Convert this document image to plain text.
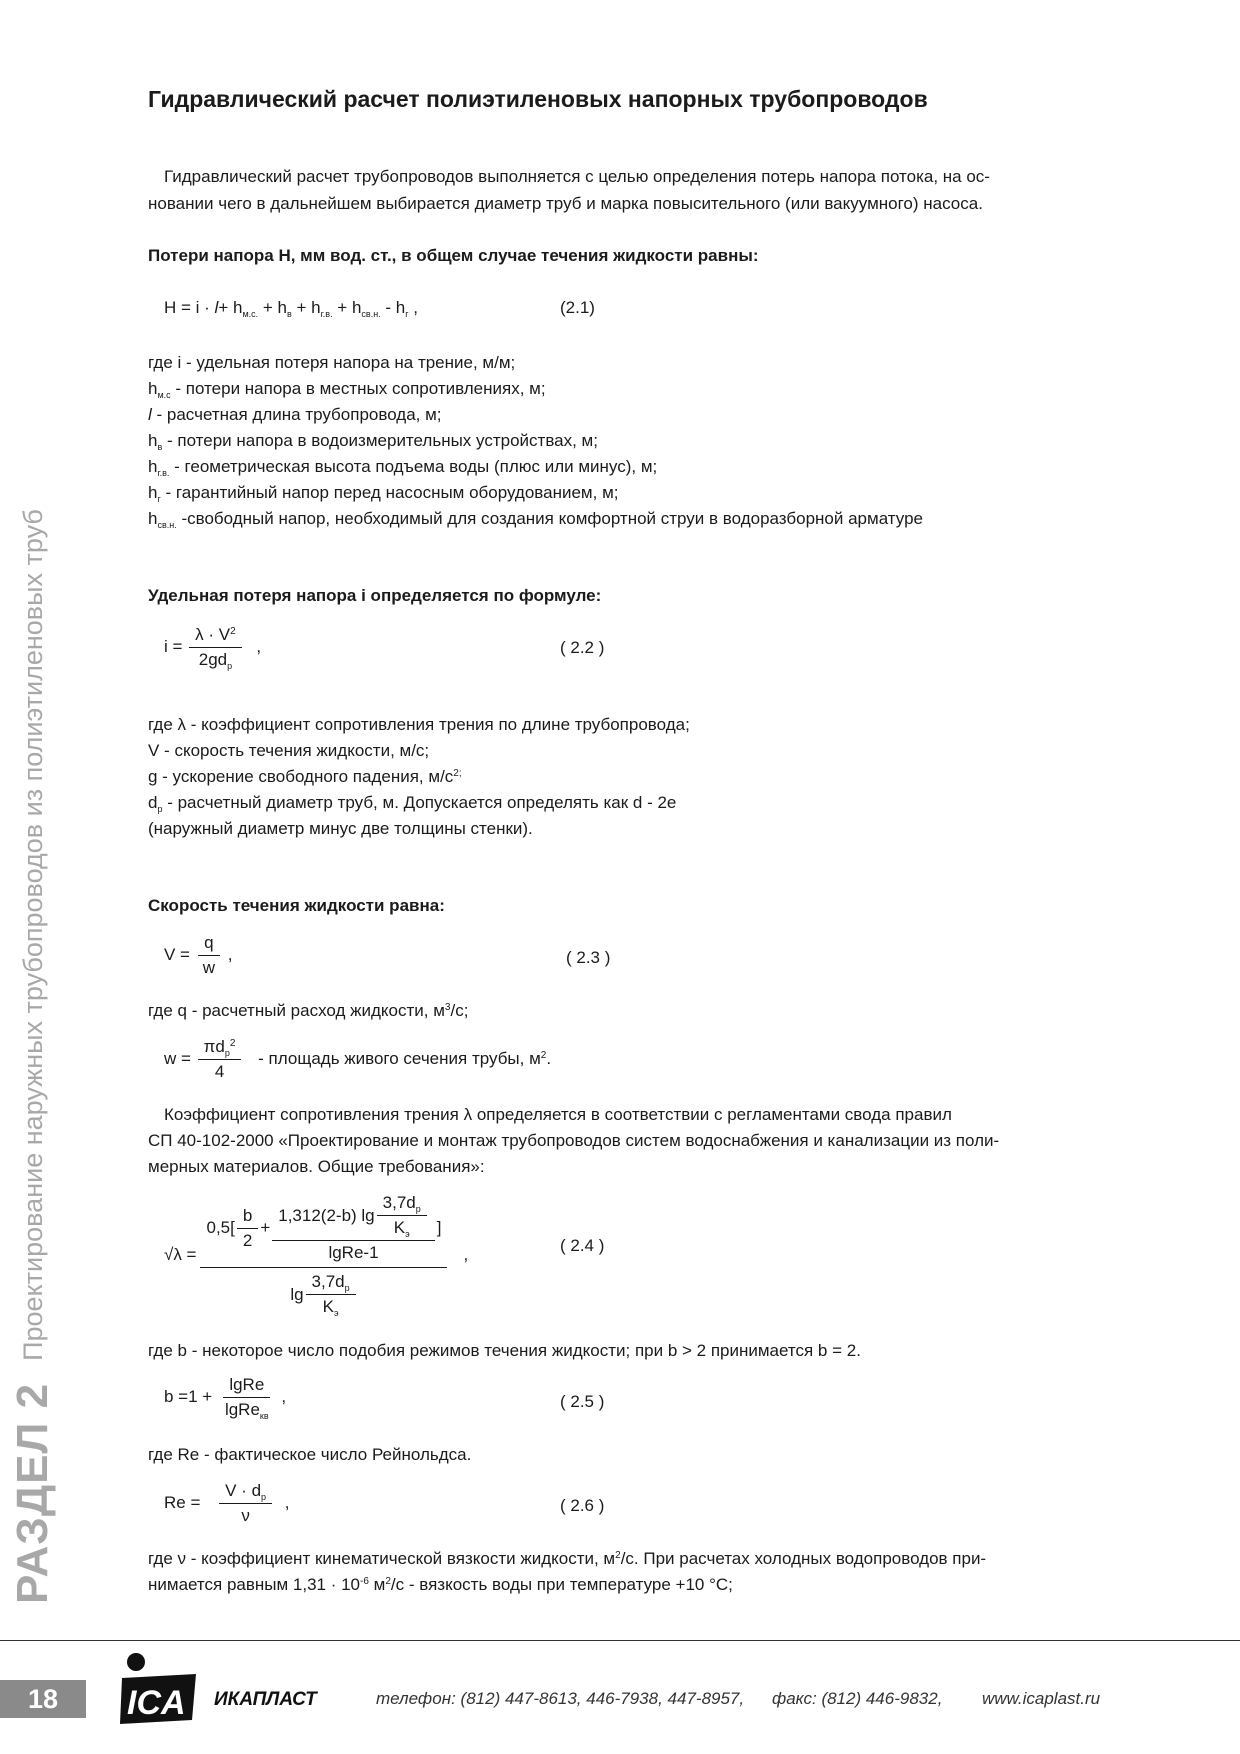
Гидравлический расчет полиэтиленовых напорных трубопроводов
Гидравлический расчет трубопроводов выполняется с целью определения потерь напора потока, на ос-
новании чего в дальнейшем выбирается диаметр труб и марка повысительного (или вакуумного) насоса.
Потери напора H, мм вод. ст., в общем случае течения жидкости равны:
$H = i \cdot l+ h_{м.с.} + h_в + h_{г.в.} + h_{св.н.} - h_г$ ,	(2.1)
где i - удельная потеря напора на трение, м/м;
$h_{м.с}$ - потери напора в местных сопротивлениях, м;
l - расчетная длина трубопровода, м;
$h_в$ - потери напора в водоизмерительных устройствах, м;
$h_{г.в.}$ - геометрическая высота подъема воды (плюс или минус), м;
$h_г$ - гарантийный напор перед насосным оборудованием, м;
$h_{св.н.}$ -свободный напор, необходимый для создания комфортной струи в водоразборной арматуре
Удельная потеря напора i определяется по формуле:
$i = \frac{\lambda \cdot V^2}{2gd_р}$ ,	( 2.2 )
где λ - коэффициент сопротивления трения по длине трубопровода;
V - скорость течения жидкости, м/с;
g - ускорение свободного падения, $м/с^{2;}$
$d_р$ - расчетный диаметр труб, м. Допускается определять как d - 2е
(наружный диаметр минус две толщины стенки).
Скорость течения жидкости равна:
$V = \frac{q}{w}$ ,	( 2.3 )
где q - расчетный расход жидкости, $м^3/с$;
$w = \frac{\pi d_р^2}{4}$ - площадь живого сечения трубы, $м^2$.
Коэффициент сопротивления трения λ определяется в соответствии с регламентами свода правил
СП 40-102-2000 «Проектирование и монтаж трубопроводов систем водоснабжения и канализации из поли-
мерных материалов. Общие требования»:
√λ =
$0,5[ \frac{b}{2} + \frac{1,312(2-b) \lg \frac{3,7d_р}{K_э}}{\text{lgRe-1}}$ ]
$\lg \frac{3,7d_р}{K_э}$
,	( 2.4 )
где b - некоторое число подобия режимов течения жидкости; при b > 2 принимается b = 2.
$b =1 + \frac{\text{lgRe}}{lgRe_{кв}}$ ,	( 2.5 )
где Re - фактическое число Рейнольдса.
$Re = \frac{V \cdot d_р}{\nu}$ ,	( 2.6 )
где ν - коэффициент кинематической вязкости жидкости, $м^2/с$. При расчетах холодных водопроводов при-
нимается равным $1,31 \cdot 10^{-6}$ $м^2/с$ - вязкость воды при температуре +10 °С;
РАЗДЕЛ 2Проектирование наружных трубопроводов из полиэтиленовых труб
18	ICA ИКАПЛАСТ	телефон: (812) 447-8613, 446-7938, 447-8957, факс: (812) 446-9832, www.icaplast.ru
